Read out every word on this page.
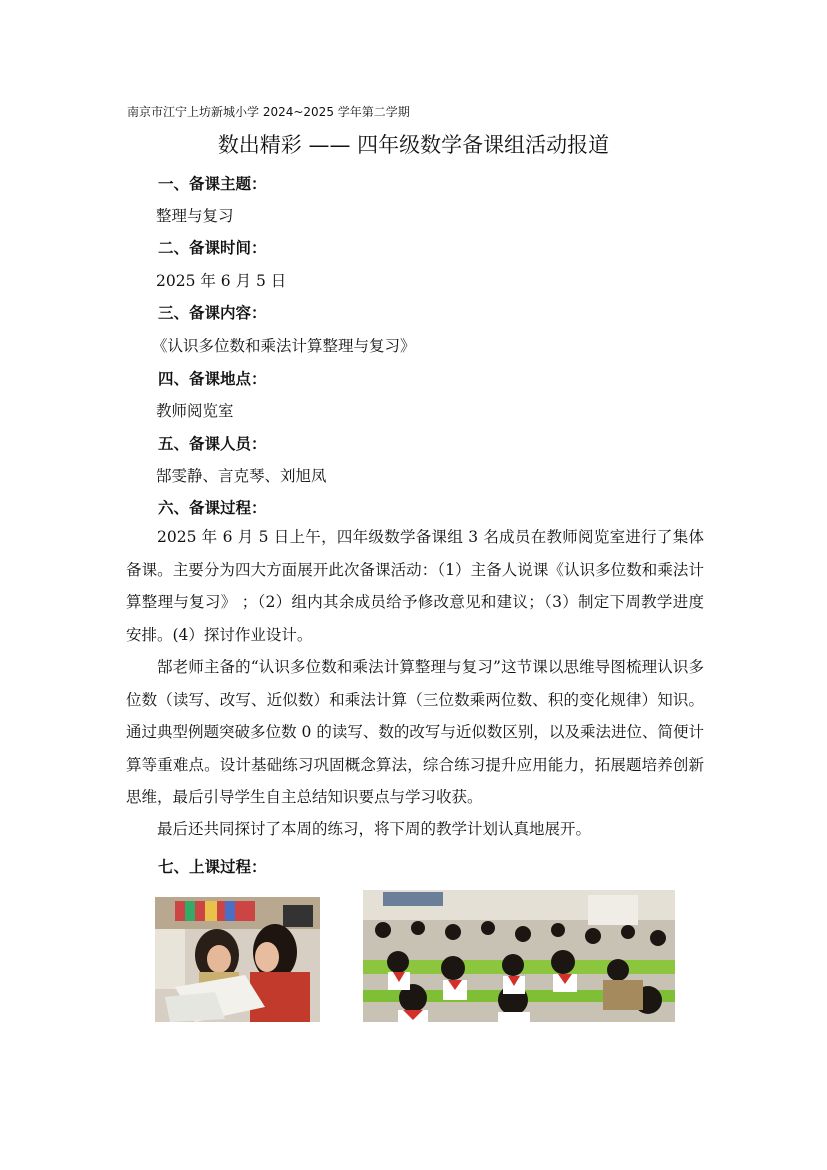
南京市江宁上坊新城小学 2024~2025 学年第二学期
数出精彩 —— 四年级数学备课组活动报道
一、备课主题：
整理与复习
二、备课时间：
2025 年 6 月 5 日
三、备课内容：
《认识多位数和乘法计算整理与复习》
四、备课地点：
教师阅览室
五、备课人员：
郜雯静、言克琴、刘旭凤
六、备课过程：

2025 年 6 月 5 日上午，四年级数学备课组 3 名成员在教师阅览室进行了集体备课。主要分为四大方面展开此次备课活动：（1）主备人说课《认识多位数和乘法计算整理与复习》 ；（2）组内其余成员给予修改意见和建议；（3）制定下周教学进度安排。(4）探讨作业设计。

郜老师主备的“认识多位数和乘法计算整理与复习”这节课以思维导图梳理认识多位数（读写、改写、近似数）和乘法计算（三位数乘两位数、积的变化规律）知识。通过典型例题突破多位数 0 的读写、数的改写与近似数区别，以及乘法进位、简便计算等重难点。设计基础练习巩固概念算法，综合练习提升应用能力，拓展题培养创新思维，最后引导学生自主总结知识要点与学习收获。

最后还共同探讨了本周的练习，将下周的教学计划认真地展开。

七、上课过程：
